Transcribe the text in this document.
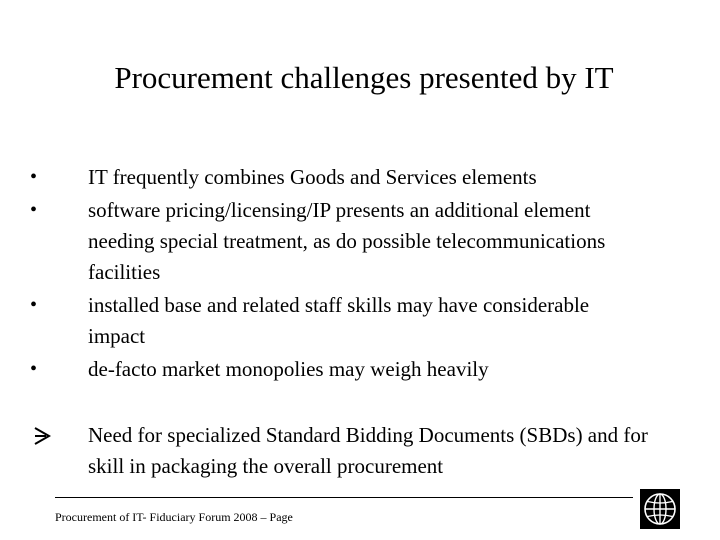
Procurement challenges presented by IT
•	IT frequently combines Goods and Services elements
•	software pricing/licensing/IP presents an additional element needing special treatment, as do possible telecommunications facilities
•	installed base and related staff skills may have considerable impact
•	de-facto market monopolies may weigh heavily
Need for specialized Standard Bidding Documents (SBDs) and for skill in packaging the overall procurement
Procurement of IT- Fiduciary Forum 2008 – Page
